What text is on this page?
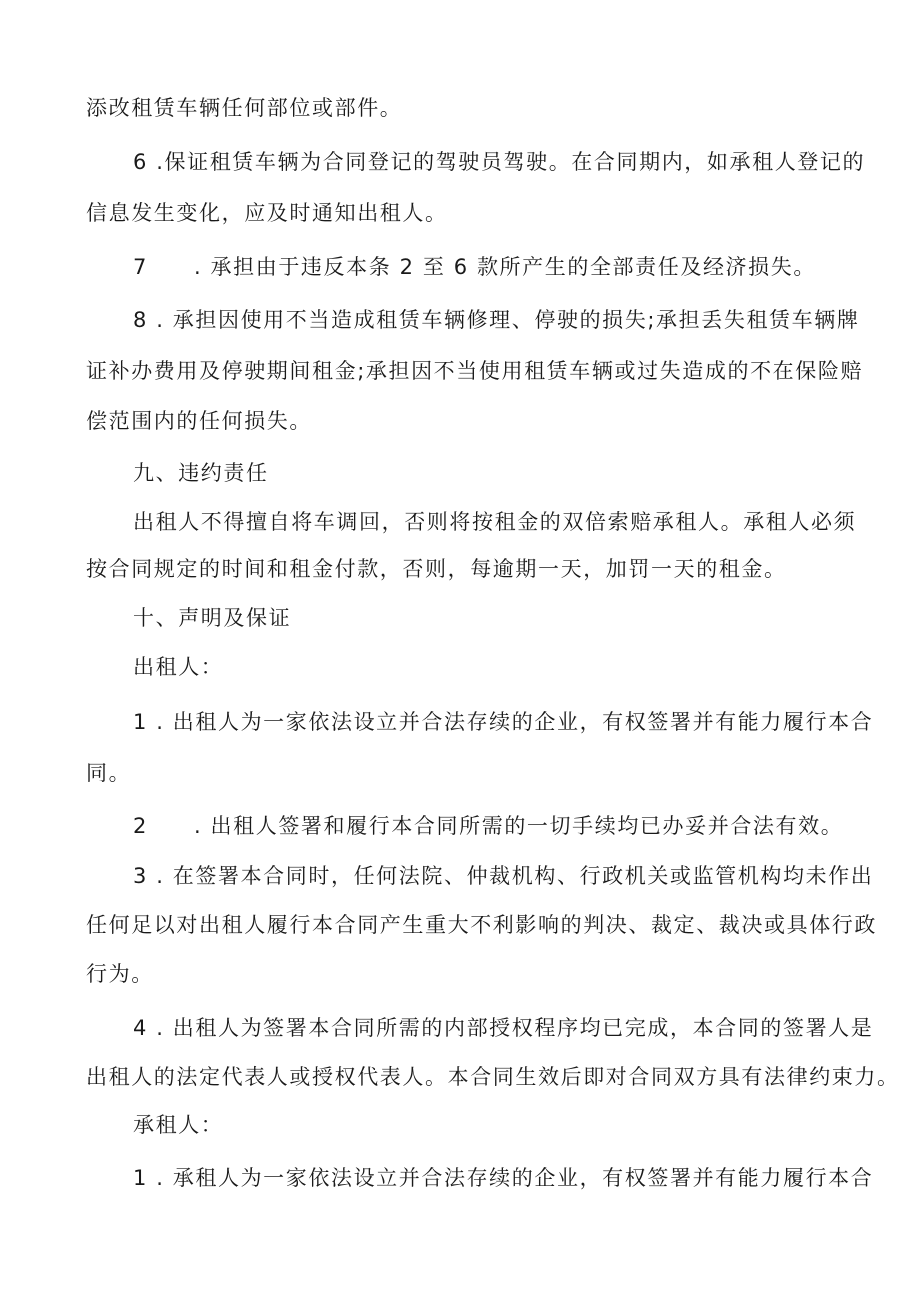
添改租赁车辆任何部位或部件。
6 .保证租赁车辆为合同登记的驾驶员驾驶。在合同期内，如承租人登记的
信息发生变化，应及时通知出租人。
7 . 承担由于违反本条 2 至 6 款所产生的全部责任及经济损失。
8 . 承担因使用不当造成租赁车辆修理、停驶的损失;承担丢失租赁车辆牌
证补办费用及停驶期间租金;承担因不当使用租赁车辆或过失造成的不在保险赔
偿范围内的任何损失。
九、违约责任
出租人不得擅自将车调回，否则将按租金的双倍索赔承租人。承租人必须
按合同规定的时间和租金付款，否则，每逾期一天，加罚一天的租金。
十、声明及保证
出租人：
1 . 出租人为一家依法设立并合法存续的企业，有权签署并有能力履行本合
同。
2 . 出租人签署和履行本合同所需的一切手续均已办妥并合法有效。
3 . 在签署本合同时，任何法院、仲裁机构、行政机关或监管机构均未作出
任何足以对出租人履行本合同产生重大不利影响的判决、裁定、裁决或具体行政
行为。
4 . 出租人为签署本合同所需的内部授权程序均已完成，本合同的签署人是
出租人的法定代表人或授权代表人。本合同生效后即对合同双方具有法律约束力。
承租人：
1 . 承租人为一家依法设立并合法存续的企业，有权签署并有能力履行本合
